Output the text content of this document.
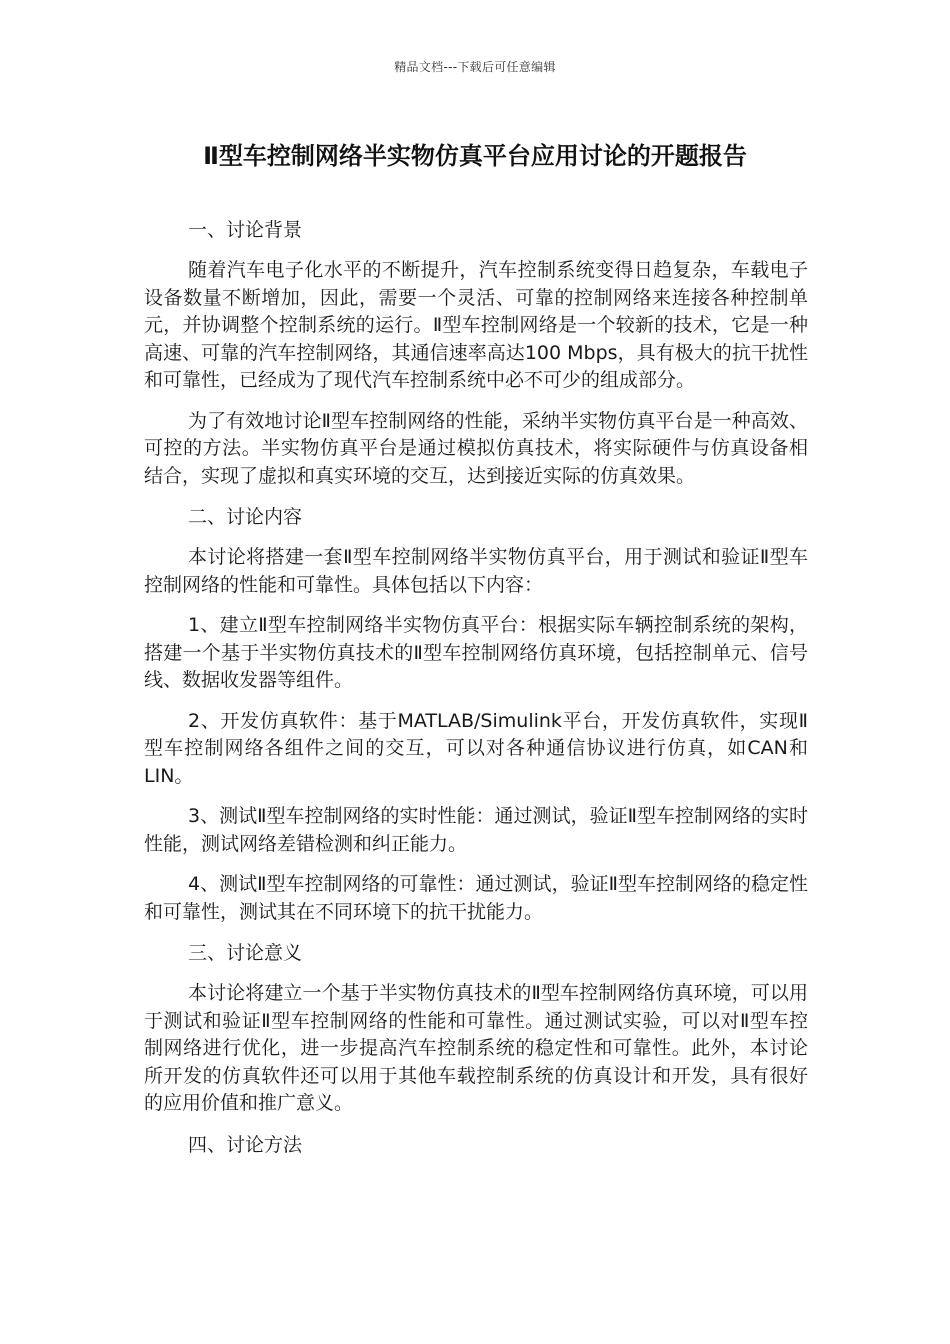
精品文档---下载后可任意编辑
Ⅱ型车控制网络半实物仿真平台应用讨论的开题报告

一、讨论背景

随着汽车电子化水平的不断提升，汽车控制系统变得日趋复杂，车载电子设备数量不断增加，因此，需要一个灵活、可靠的控制网络来连接各种控制单元，并协调整个控制系统的运行。Ⅱ型车控制网络是一个较新的技术，它是一种高速、可靠的汽车控制网络，其通信速率高达100 Mbps，具有极大的抗干扰性和可靠性，已经成为了现代汽车控制系统中必不可少的组成部分。

为了有效地讨论Ⅱ型车控制网络的性能，采纳半实物仿真平台是一种高效、可控的方法。半实物仿真平台是通过模拟仿真技术，将实际硬件与仿真设备相结合，实现了虚拟和真实环境的交互，达到接近实际的仿真效果。

二、讨论内容

本讨论将搭建一套Ⅱ型车控制网络半实物仿真平台，用于测试和验证Ⅱ型车控制网络的性能和可靠性。具体包括以下内容：

1、建立Ⅱ型车控制网络半实物仿真平台：根据实际车辆控制系统的架构，搭建一个基于半实物仿真技术的Ⅱ型车控制网络仿真环境，包括控制单元、信号线、数据收发器等组件。

2、开发仿真软件：基于MATLAB/Simulink平台，开发仿真软件，实现Ⅱ型车控制网络各组件之间的交互，可以对各种通信协议进行仿真，如CAN和LIN。

3、测试Ⅱ型车控制网络的实时性能：通过测试，验证Ⅱ型车控制网络的实时性能，测试网络差错检测和纠正能力。

4、测试Ⅱ型车控制网络的可靠性：通过测试，验证Ⅱ型车控制网络的稳定性和可靠性，测试其在不同环境下的抗干扰能力。

三、讨论意义

本讨论将建立一个基于半实物仿真技术的Ⅱ型车控制网络仿真环境，可以用于测试和验证Ⅱ型车控制网络的性能和可靠性。通过测试实验，可以对Ⅱ型车控制网络进行优化，进一步提高汽车控制系统的稳定性和可靠性。此外，本讨论所开发的仿真软件还可以用于其他车载控制系统的仿真设计和开发，具有很好的应用价值和推广意义。

四、讨论方法
